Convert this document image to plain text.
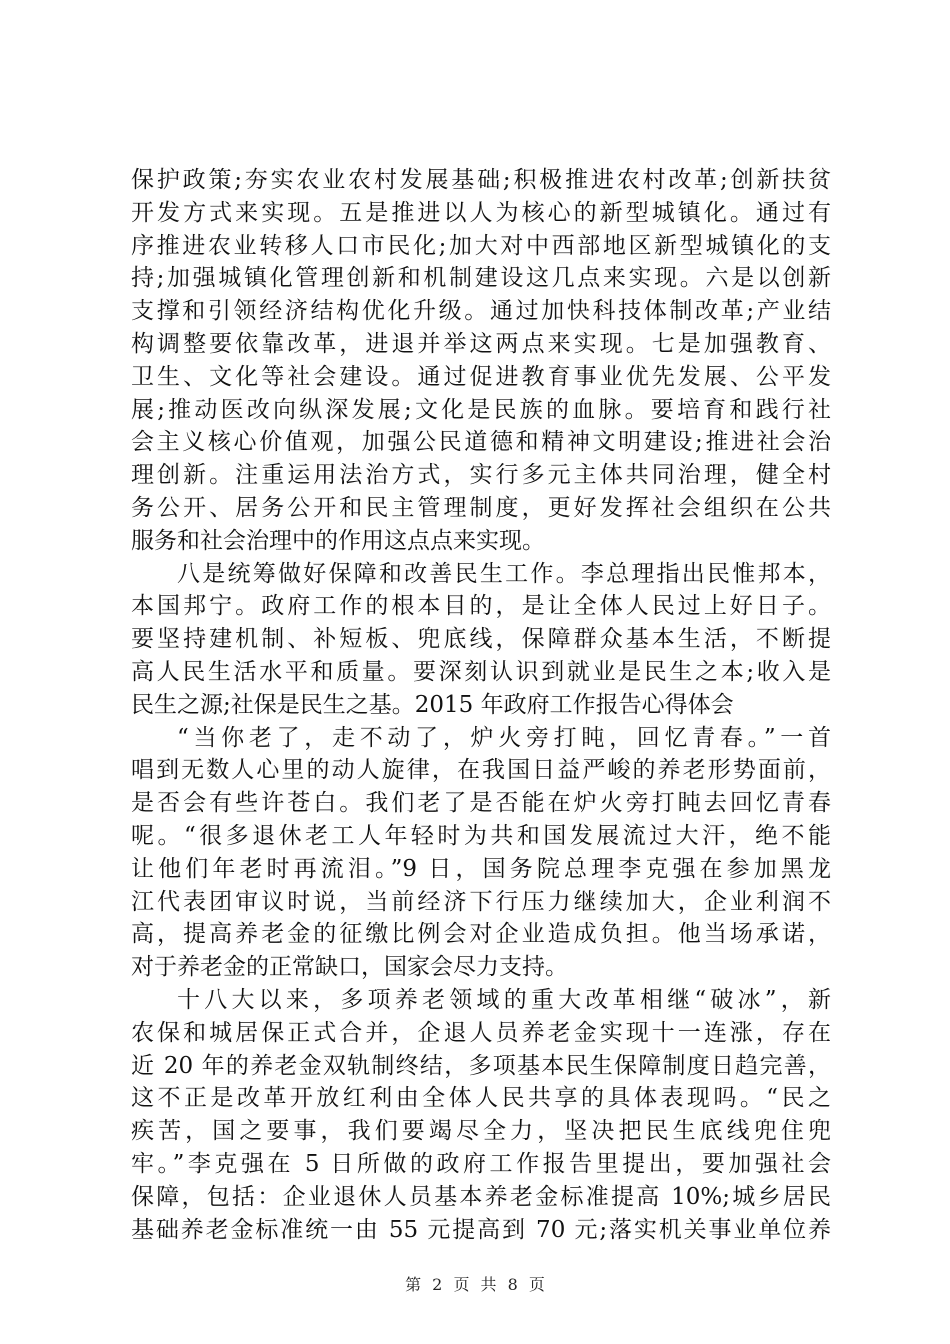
保护政策;夯实农业农村发展基础;积极推进农村改革;创新扶贫
开发方式来实现。五是推进以人为核心的新型城镇化。通过有
序推进农业转移人口市民化;加大对中西部地区新型城镇化的支
持;加强城镇化管理创新和机制建设这几点来实现。六是以创新
支撑和引领经济结构优化升级。通过加快科技体制改革;产业结
构调整要依靠改革，进退并举这两点来实现。七是加强教育、
卫生、文化等社会建设。通过促进教育事业优先发展、公平发
展;推动医改向纵深发展;文化是民族的血脉。要培育和践行社
会主义核心价值观，加强公民道德和精神文明建设;推进社会治
理创新。注重运用法治方式，实行多元主体共同治理，健全村
务公开、居务公开和民主管理制度，更好发挥社会组织在公共
服务和社会治理中的作用这点点来实现。
八是统筹做好保障和改善民生工作。李总理指出民惟邦本，
本国邦宁。政府工作的根本目的，是让全体人民过上好日子。
要坚持建机制、补短板、兜底线，保障群众基本生活，不断提
高人民生活水平和质量。要深刻认识到就业是民生之本;收入是
民生之源;社保是民生之基。2015 年政府工作报告心得体会
“当你老了，走不动了，炉火旁打盹，回忆青春。”一首
唱到无数人心里的动人旋律，在我国日益严峻的养老形势面前，
是否会有些许苍白。我们老了是否能在炉火旁打盹去回忆青春
呢。“很多退休老工人年轻时为共和国发展流过大汗，绝不能
让他们年老时再流泪。”9 日，国务院总理李克强在参加黑龙
江代表团审议时说，当前经济下行压力继续加大，企业利润不
高，提高养老金的征缴比例会对企业造成负担。他当场承诺，
对于养老金的正常缺口，国家会尽力支持。
十八大以来，多项养老领域的重大改革相继“破冰”，新
农保和城居保正式合并，企退人员养老金实现十一连涨，存在
近 20 年的养老金双轨制终结，多项基本民生保障制度日趋完善，
这不正是改革开放红利由全体人民共享的具体表现吗。“民之
疾苦，国之要事，我们要竭尽全力，坚决把民生底线兜住兜
牢。”李克强在 5 日所做的政府工作报告里提出，要加强社会
保障，包括：企业退休人员基本养老金标准提高 10%;城乡居民
基础养老金标准统一由 55 元提高到 70 元;落实机关事业单位养
第 2 页 共 8 页
